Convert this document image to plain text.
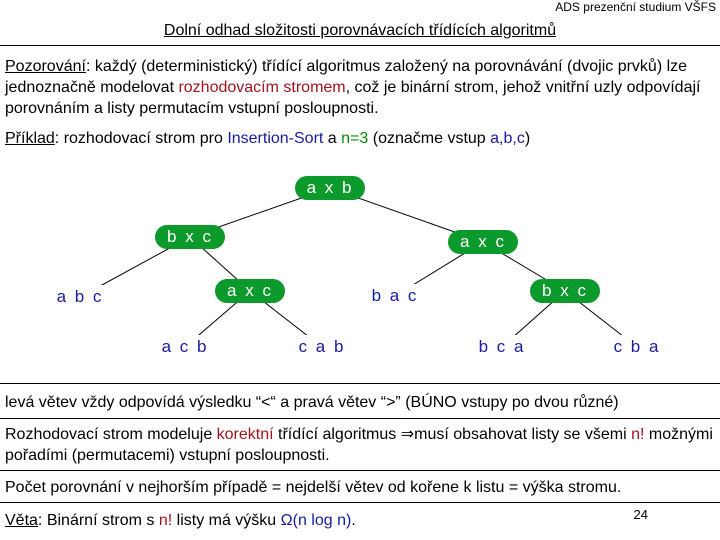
ADS prezenční studium VŠFS
Dolní odhad složitosti porovnávacích třídících algoritmů
Pozorování: každý (deterministický) třídící algoritmus založený na porovnávání (dvojic prvků) lze jednoznačně modelovat rozhodovacím stromem, což je binární strom, jehož vnitřní uzly odpovídají porovnáním a listy permutacím vstupní posloupnosti.
Příklad: rozhodovací strom pro Insertion-Sort a n=3 (označme vstup a,b,c)
a x b
b x c	a x c
a b c	a x c	b a c	b x c
a c b	c a b	b c a	c b a
levá větev vždy odpovídá výsledku “<“ a pravá větev “>” (BÚNO vstupy po dvou různé)
Rozhodovací strom modeluje korektní třídící algoritmus ⇒musí obsahovat listy se všemi n! možnými pořadími (permutacemi) vstupní posloupnosti.
Počet porovnání v nejhorším případě = nejdelší větev od kořene k listu = výška stromu.
Věta: Binární strom s n! listy má výšku Ω(n log n).	24
